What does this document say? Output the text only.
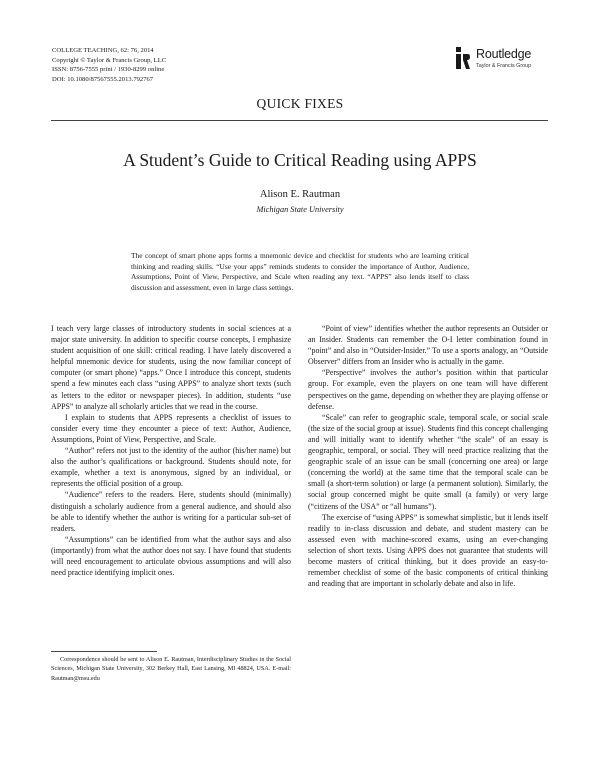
COLLEGE TEACHING, 62: 76, 2014
Copyright © Taylor & Francis Group, LLC
ISSN: 8756-7555 print / 1930-8299 online
DOI: 10.1080/87567555.2013.792767
Routledge
Taylor & Francis Group
QUICK FIXES
A Student’s Guide to Critical Reading using APPS
Alison E. Rautman
Michigan State University
The concept of smart phone apps forms a mnemonic device and checklist for students who are learning critical thinking and reading skills. “Use your apps” reminds students to consider the importance of Author, Audience, Assumptions, Point of View, Perspective, and Scale when reading any text. “APPS” also lends itself to class discussion and assessment, even in large class settings.

I teach very large classes of introductory students in social sciences at a major state university. In addition to specific course concepts, I emphasize student acquisition of one skill: critical reading. I have lately discovered a helpful mnemonic device for students, using the now familiar concept of computer (or smart phone) “apps.” Once I introduce this concept, students spend a few minutes each class “using APPS” to analyze short texts (such as letters to the editor or newspaper pieces). In addition, students “use APPS” to analyze all scholarly articles that we read in the course.

I explain to students that APPS represents a checklist of issues to consider every time they encounter a piece of text: Author, Audience, Assumptions, Point of View, Perspective, and Scale.

“Author” refers not just to the identity of the author (his/her name) but also the author’s qualifications or background. Students should note, for example, whether a text is anonymous, signed by an individual, or represents the official position of a group.

“Audience” refers to the readers. Here, students should (minimally) distinguish a scholarly audience from a general audience, and should also be able to identify whether the author is writing for a particular sub-set of readers.

“Assumptions” can be identified from what the author says and also (importantly) from what the author does not say. I have found that students will need encouragement to articulate obvious assumptions and will also need practice identifying implicit ones.

“Point of view” identifies whether the author represents an Outsider or an Insider. Students can remember the O-I letter combination found in “point” and also in “Outsider-Insider.” To use a sports analogy, an “Outside Observer” differs from an Insider who is actually in the game.

“Perspective” involves the author’s position within that particular group. For example, even the players on one team will have different perspectives on the game, depending on whether they are playing offense or defense.

“Scale” can refer to geographic scale, temporal scale, or social scale (the size of the social group at issue). Students find this concept challenging and will initially want to identify whether “the scale” of an essay is geographic, temporal, or social. They will need practice realizing that the geographic scale of an issue can be small (concerning one area) or large (concerning the world) at the same time that the temporal scale can be small (a short-term solution) or large (a permanent solution). Similarly, the social group concerned might be quite small (a family) or very large (“citizens of the USA” or “all humans”).

The exercise of “using APPS” is somewhat simplistic, but it lends itself readily to in-class discussion and debate, and student mastery can be assessed even with machine-scored exams, using an ever-changing selection of short texts. Using APPS does not guarantee that students will become masters of critical thinking, but it does provide an easy-to-remember checklist of some of the basic components of critical thinking and reading that are important in scholarly debate and also in life.

Correspondence should be sent to Alison E. Rautman, Interdisciplinary Studies in the Social Sciences, Michigan State University, 302 Berkey Hall, East Lansing, MI 48824, USA. E-mail: Rautman@msu.edu
